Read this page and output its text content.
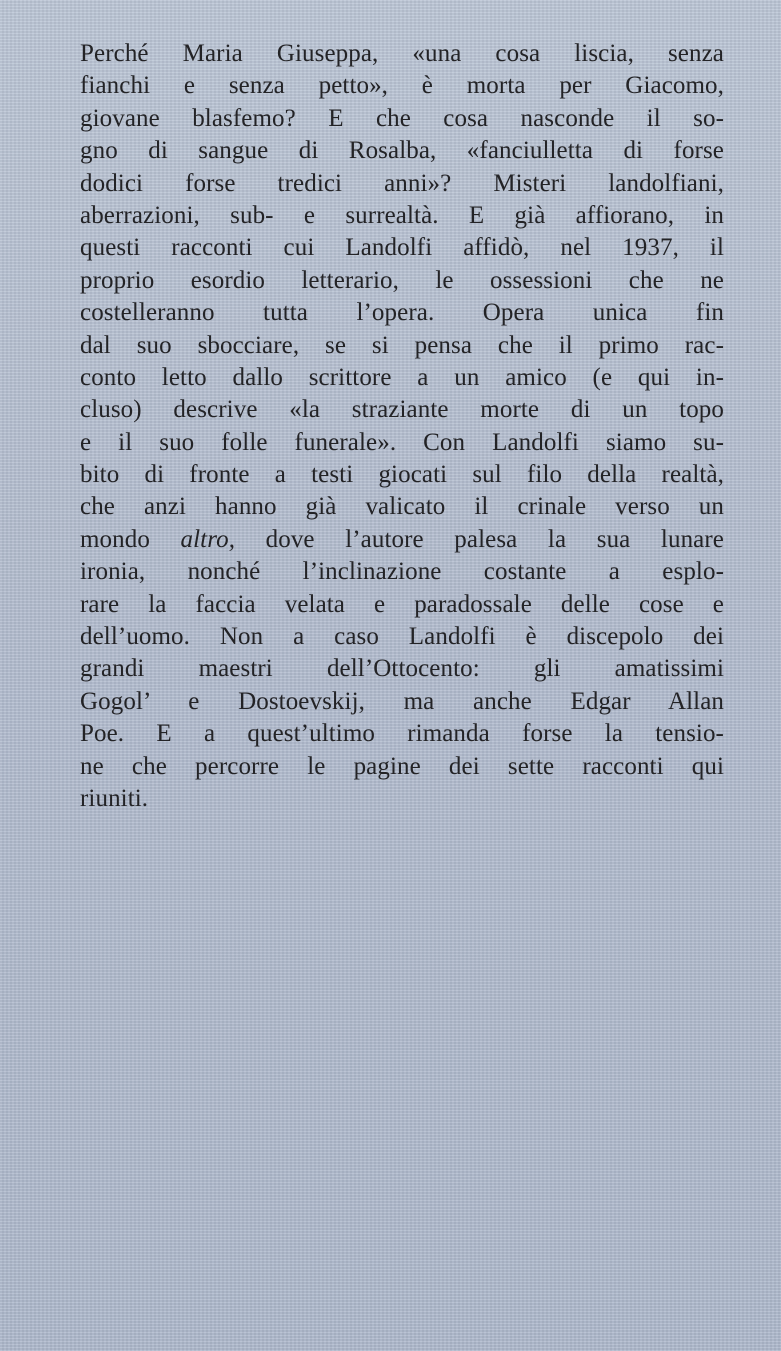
Perché Maria Giuseppa, «una cosa liscia, senza
fianchi e senza petto», è morta per Giacomo,
giovane blasfemo? E che cosa nasconde il so-
gno di sangue di Rosalba, «fanciulletta di forse
dodici forse tredici anni»? Misteri landolfiani,
aberrazioni, sub- e surrealtà. E già affiorano, in
questi racconti cui Landolfi affidò, nel 1937, il
proprio esordio letterario, le ossessioni che ne
costelleranno tutta l’opera. Opera unica fin
dal suo sbocciare, se si pensa che il primo rac-
conto letto dallo scrittore a un amico (e qui in-
cluso) descrive «la straziante morte di un topo
e il suo folle funerale». Con Landolfi siamo su-
bito di fronte a testi giocati sul filo della realtà,
che anzi hanno già valicato il crinale verso un
mondo altro, dove l’autore palesa la sua lunare
ironia, nonché l’inclinazione costante a esplo-
rare la faccia velata e paradossale delle cose e
dell’uomo. Non a caso Landolfi è discepolo dei
grandi maestri dell’Ottocento: gli amatissimi
Gogol’ e Dostoevskij, ma anche Edgar Allan
Poe. E a quest’ultimo rimanda forse la tensio-
ne che percorre le pagine dei sette racconti qui
riuniti.
